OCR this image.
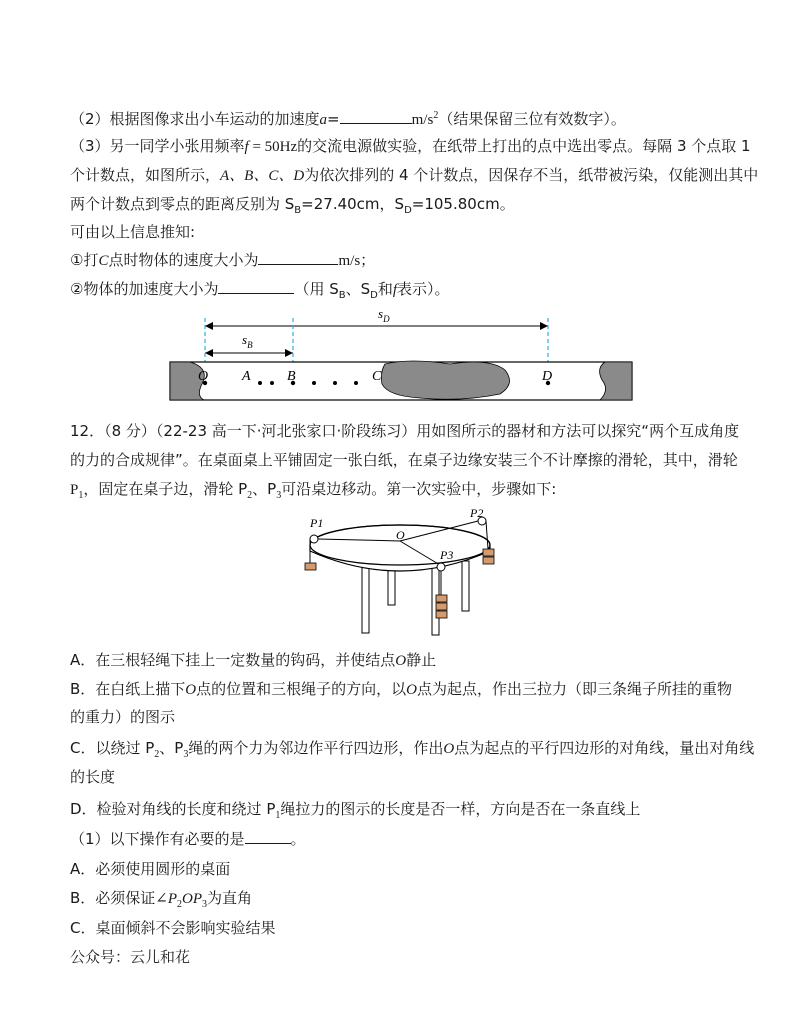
（2）根据图像求出小车运动的加速度a=	$m/s^2$（结果保留三位有效数字）。
（3）另一同学小张用频率f = 50Hz的交流电源做实验，在纸带上打出的点中选出零点。每隔 3 个点取 1
个计数点，如图所示，A、B、C、D为依次排列的 4 个计数点，因保存不当，纸带被污染，仅能测出其中
两个计数点到零点的距离反别为 $S_B=27.40cm$，$S_D=105.80cm$。
可由以上信息推知:
①打C点时物体的速度大小为	m/s；
②物体的加速度大小为	（用 $S_B$、$S_D$和f表示）。
$s_D$
$s_B$
O A	B	C	D
12．（8 分）（22-23 高一下·河北张家口·阶段练习）用如图所示的器材和方法可以探究“两个互成角度
的力的合成规律”。在桌面桌上平铺固定一张白纸，在桌子边缘安装三个不计摩擦的滑轮，其中，滑轮
$P_1$，固定在桌子边，滑轮 $P_2$、$P_3$可沿桌边移动。第一次实验中，步骤如下:
P1
O
P2
P3
A．在三根轻绳下挂上一定数量的钩码，并使结点O静止
B．在白纸上描下O点的位置和三根绳子的方向，以O点为起点，作出三拉力（即三条绳子所挂的重物
的重力）的图示
C．以绕过 $P_2$、$P_3$绳的两个力为邻边作平行四边形，作出O点为起点的平行四边形的对角线，量出对角线
的长度
D．检验对角线的长度和绕过 $P_1$绳拉力的图示的长度是否一样，方向是否在一条直线上
（1）以下操作有必要的是	。
A．必须使用圆形的桌面
B．必须保证$\angle P_2OP_3$为直角
C．桌面倾斜不会影响实验结果
公众号：云儿和花
